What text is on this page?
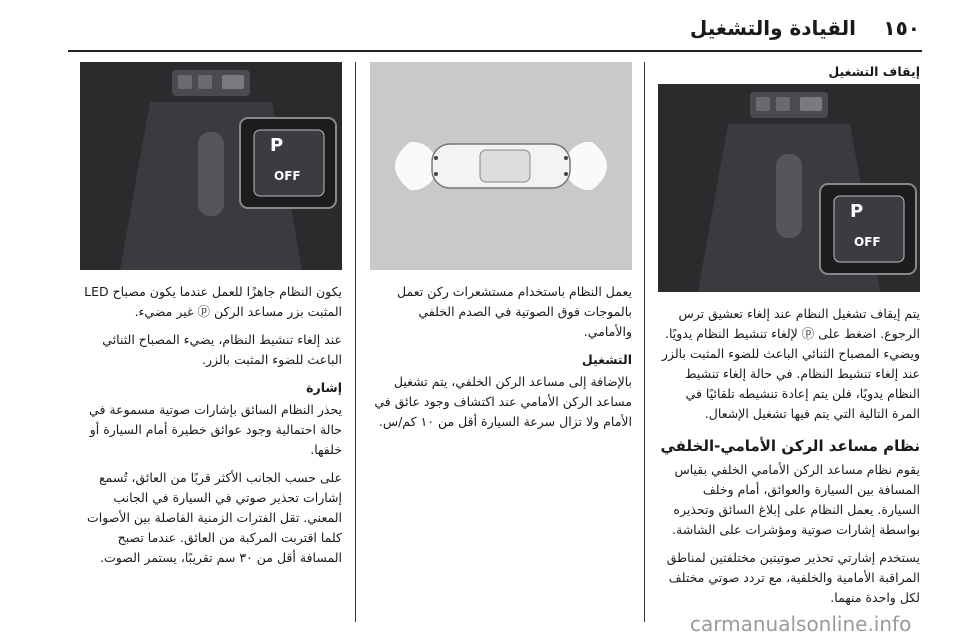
١٥٠
القيادة والتشغيل
إيقاف التشغيل
P
OFF

يتم إيقاف تشغيل النظام عند إلغاء تعشيق ترس الرجوع. اضغط على ⓟ لإلغاء تنشيط النظام يدويًا. ويضيء المصباح الثنائي الباعث للضوء المثبت بالزر عند إلغاء تنشيط النظام. في حالة إلغاء تنشيط النظام يدويًا، فلن يتم إعادة تنشيطه تلقائيًا في المرة التالية التي يتم فيها تشغيل الإشعال.

نظام مساعد الركن الأمامي-الخلفي

يقوم نظام مساعد الركن الأمامي الخلفي بقياس المسافة بين السيارة والعوائق، أمام وخلف السيارة. يعمل النظام على إبلاغ السائق وتحذيره بواسطة إشارات صوتية ومؤشرات على الشاشة.

يستخدم إشارتي تحذير صوتيتين مختلفتين لمناطق المراقبة الأمامية والخلفية، مع تردد صوتي مختلف لكل واحدة منهما.

يعمل النظام باستخدام مستشعرات ركن تعمل بالموجات فوق الصوتية في الصدم الخلفي والأمامي.

التشغيل

بالإضافة إلى مساعد الركن الخلفي، يتم تشغيل مساعد الركن الأمامي عند اكتشاف وجود عائق في الأمام ولا تزال سرعة السيارة أقل من ١٠ كم/س.

P
OFF

يكون النظام جاهزًا للعمل عندما يكون مصباح LED المثبت بزر مساعد الركن ⓟ غير مضيء.

عند إلغاء تنشيط النظام، يضيء المصباح الثنائي الباعث للضوء المثبت بالزر.

إشارة

يحذر النظام السائق بإشارات صوتية مسموعة في حالة احتمالية وجود عوائق خطيرة أمام السيارة أو خلفها.

على حسب الجانب الأكثر قربًا من العائق، تُسمع إشارات تحذير صوتي في السيارة في الجانب المعني. تقل الفترات الزمنية الفاصلة بين الأصوات كلما اقتربت المركبة من العائق. عندما تصبح المسافة أقل من ٣٠ سم تقريبًا، يستمر الصوت.

carmanualsonline.info
